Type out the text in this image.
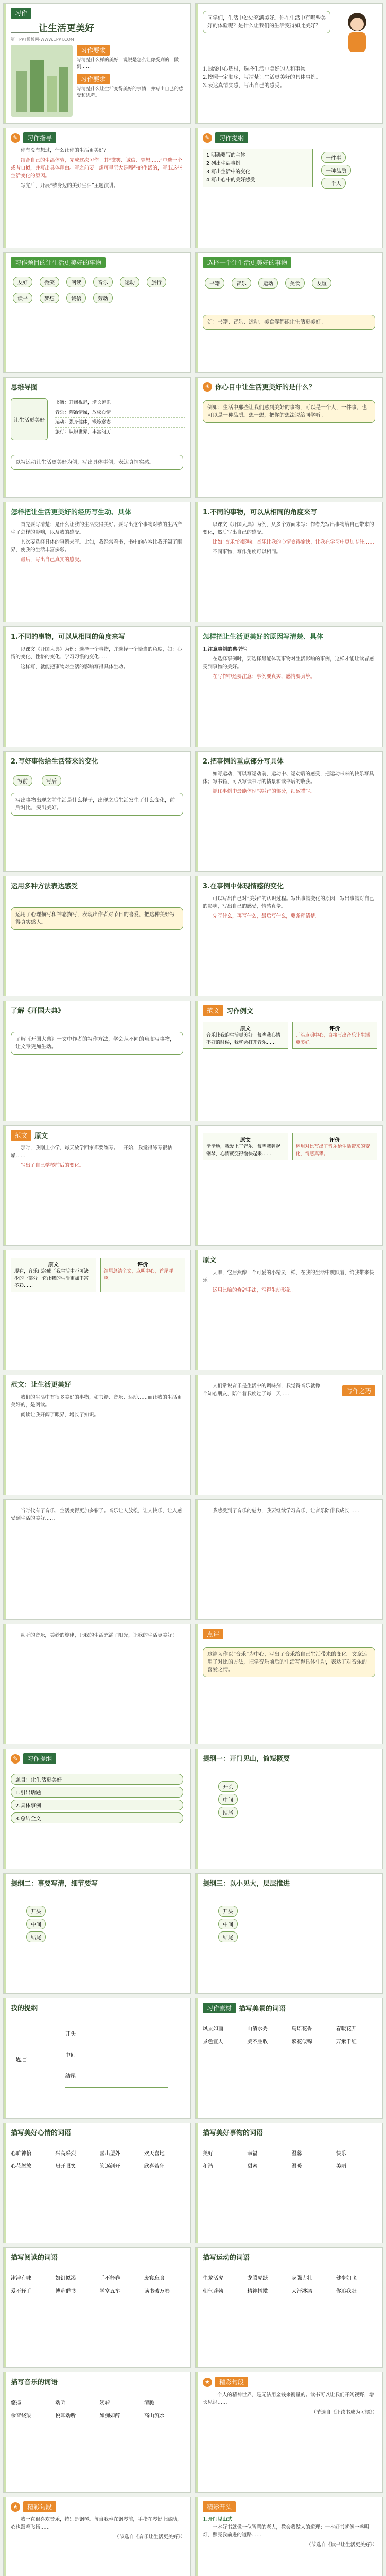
习作
______让生活更美好
第一PPT模板网-WWW.1PPT.COM
习作要求
写清楚什么样的美好，说说是怎么让你受到的，做到……
习作要求
写清楚什么让生活变得美好的事情，并写出自己的感受和思考。
同学们，生活中处处充满美好。你在生活中有哪些美好的体验呢？是什么让我们的生活变得如此美好？
1.围绕中心选材，选择生活中美好的人和事物。
2.按照一定顺序，写清楚让生活更美好的具体事例。
3.表达真情实感，写出自己的感受。
✎	习作指导

你有没有想过，什么让你的生活更美好？

结合自己的生活体验，完成这次习作。其“微笑、诚信、梦想……”中选一个或者自拟，并写出具体理由。写之前要一想可呈至大是哪些的生活的，写出这些生活变化的原因。

写完后，开展“我身边的美好生活”主题演讲。

✎	习作提纲
1.明确要写的主体
2.列出生活事例
3.写出生活中的变化
4.写出心中的美好感受
一件事 一种品质 一个人
习作题目的让生活更美好的事物
友好	微笑	阅读	音乐	运动	旅行
读书	梦想	诚信	劳动
选择一个让生活更美好的事物
书籍	音乐	运动	美食	友谊
如：书籍、音乐、运动、美食等都能让生活更美好。
思维导图
让生活更美好
书籍：开阔视野，增长见识
音乐：陶冶情操，放松心情
运动：强身健体，锻炼意志
旅行：认识世界，丰富阅历
以写运动让生活更美好为例，写出具体事例，表达真情实感。
☀ 你心目中让生活更美好的是什么？
例如：生活中那些让我们感到美好的事物，可以是一个人，一件事，也可以是一种品质。想一想，把你的想法说给同学听。
怎样把让生活更美好的经历写生动、具体

首先要写清楚：是什么让我的生活变得美好。要写出这个事物对我的生活产生了怎样的影响，以及我的感受。

其次要选择具体的事例来写。比如，我经常看书，书中的内容让我开阔了眼界，使我的生活丰富多彩。

最后，写出自己真实的感受。

1.不同的事物，可以从相同的角度来写

以课文《开国大典》为例，从多个方面来写：作者先写出事物给自己带来的变化，然后写出自己的感受。

比如“音乐”的影响：音乐让我的心情变得愉快，让我在学习中更加专注……

不同事物，写作角度可以相同。

1.不同的事物，可以从相同的角度来写

以课文《开国大典》为例：选择一个事物，并选择一个恰当的角度，如：心情的变化、性格的变化、学习习惯的变化……

这样写，就能把事物对生活的影响写得具体生动。

怎样把让生活更美好的原因写清楚、具体
1.注意事例的典型性

在选择事例时，要选择最能体现事物对生活影响的事例，这样才能让读者感受到事物的美好。

在写作中还要注意：事例要真实，感情要真挚。

2.写好事物给生活带来的变化
写前	写后
写出事物出现之前生活是什么样子，出现之后生活发生了什么变化，前后对比，突出美好。
2.把事例的重点部分写具体

如写运动，可以写运动前、运动中、运动后的感受，把运动带来的快乐写具体；写书籍，可以写读书时的情景和读书后的收获。

抓住事例中最能体现“美好”的部分，细致描写。

运用多种方法表达感受
运用了心理描写和神态描写，表现出作者对节日的喜爱，把这种美好写得真实感人。
3.在事例中体现情感的变化

可以写出自己对“美好”的认识过程。写出事物变化的原因，写出事物对自己的影响，写出自己的感受，情感真挚。

先写什么，再写什么，最后写什么，要条理清楚。

了解《开国大典》
了解《开国大典》一文中作者的写作方法，学会从不同的角度写事物，让文章更加生动。
范文	习作例文
原文
音乐让我的生活更美好。每当我心情不好的时候，我就会打开音乐……
评价
开头点明中心，直接写出音乐让生活更美好。
范文	原文

那时，我刚上小学，每天放学回家都要练琴。一开始，我觉得练琴很枯燥……

写出了自己学琴前后的变化。

原文
渐渐地，我爱上了音乐。每当我弹起钢琴，心情就变得愉快起来……
评价
运用对比写出了音乐给生活带来的变化，情感真挚。
原文
现在，音乐已经成了我生活中不可缺少的一部分。它让我的生活更加丰富多彩……
评价
结尾总结全文，点明中心，首尾呼应。
原文

天哪，它居然像一个可爱的小精灵一样，在我的生活中跳跃着，给我带来快乐。

运用比喻的修辞手法，写得生动形象。

范文：让生活更美好

我们的生活中有很多美好的事物，如书籍、音乐、运动……而让我的生活更美好的，是阅读。

阅读让我开阔了眼界，增长了知识。

人们常说音乐是生活中的调味剂，我觉得音乐就像一个知心朋友，陪伴着我度过了每一天……	写作之巧

当时代有了音乐，生活变得更加多彩了。音乐让人放松，让人快乐，让人感受到生活的美好……

我感受到了音乐的魅力，我要继续学习音乐，让音乐陪伴我成长……

动听的音乐，美妙的旋律，让我的生活充满了阳光，让我的生活更美好！	点评
这篇习作以“音乐”为中心，写出了音乐给自己生活带来的变化。文章运用了对比的方法，把学音乐前后的生活写得具体生动，表达了对音乐的喜爱之情。
✎	习作提纲
题目：让生活更美好
1.引出话题
2.具体事例
3.总结全文
提纲一：开门见山，简短概要
开头
中间
结尾
提纲二：事要写清，细节要写
开头
中间
结尾
提纲三：以小见大，层层推进
开头
中间
结尾
我的提纲
题目
开头
中间
结尾
习作素材	描写美景的词语
风景如画	山清水秀	鸟语花香	春暖花开
景色宜人	美不胜收	繁花似锦	万紫千红
描写美好心情的词语
心旷神怡	兴高采烈	喜出望外	欢天喜地
心花怒放	眉开眼笑	笑逐颜开	欣喜若狂
描写美好事物的词语
美好	幸福	温馨	快乐
和谐	甜蜜	温暖	美丽
描写阅读的词语
津津有味	如饥似渴	手不释卷	废寝忘食
爱不释手	博览群书	学富五车	读书破万卷
描写运动的词语
生龙活虎	龙腾虎跃	身强力壮	健步如飞
朝气蓬勃	精神抖擞	大汗淋漓	你追我赶
描写音乐的词语
悠扬	动听	婉转	清脆
余音绕梁	悦耳动听	如痴如醉	高山流水
★	精彩句段

一个人的精神世界，是无法用金钱来衡量的。读书可以让我们开阔视野，增长见识……

（节选自《让读书成为习惯》）
★	精彩句段

我一直很喜欢音乐，特别是钢琴。每当我坐在钢琴前，手指在琴键上跳动，心也跟着飞扬……

（节选自《音乐让生活更美好》）
精彩开头
1.开门见山式

一本好书就像一位智慧的老人，教会我做人的道理；一本好书就像一盏明灯，照亮我前进的道路……

（节选自《读书让生活更美好》）
